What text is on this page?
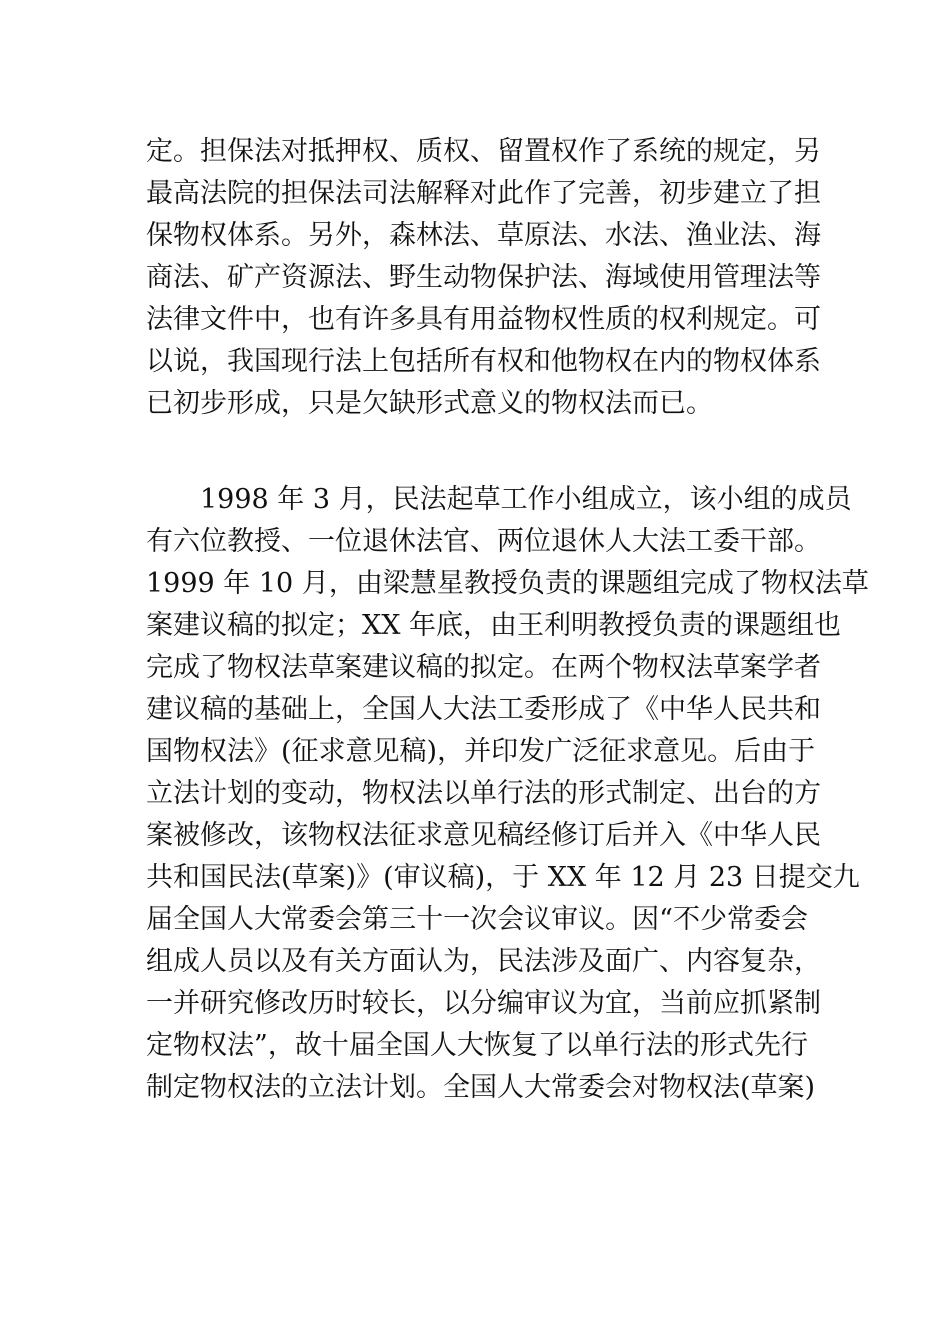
定。担保法对抵押权、质权、留置权作了系统的规定，另
最高法院的担保法司法解释对此作了完善，初步建立了担
保物权体系。另外，森林法、草原法、水法、渔业法、海
商法、矿产资源法、野生动物保护法、海域使用管理法等
法律文件中，也有许多具有用益物权性质的权利规定。可
以说，我国现行法上包括所有权和他物权在内的物权体系
已初步形成，只是欠缺形式意义的物权法而已。
1998 年 3 月，民法起草工作小组成立，该小组的成员
有六位教授、一位退休法官、两位退休人大法工委干部。
1999 年 10 月，由梁慧星教授负责的课题组完成了物权法草
案建议稿的拟定；XX 年底，由王利明教授负责的课题组也
完成了物权法草案建议稿的拟定。在两个物权法草案学者
建议稿的基础上，全国人大法工委形成了《中华人民共和
国物权法》(征求意见稿)，并印发广泛征求意见。后由于
立法计划的变动，物权法以单行法的形式制定、出台的方
案被修改，该物权法征求意见稿经修订后并入《中华人民
共和国民法(草案)》(审议稿)，于 XX 年 12 月 23 日提交九
届全国人大常委会第三十一次会议审议。因“不少常委会
组成人员以及有关方面认为，民法涉及面广、内容复杂，
一并研究修改历时较长，以分编审议为宜，当前应抓紧制
定物权法”，故十届全国人大恢复了以单行法的形式先行
制定物权法的立法计划。全国人大常委会对物权法(草案)
